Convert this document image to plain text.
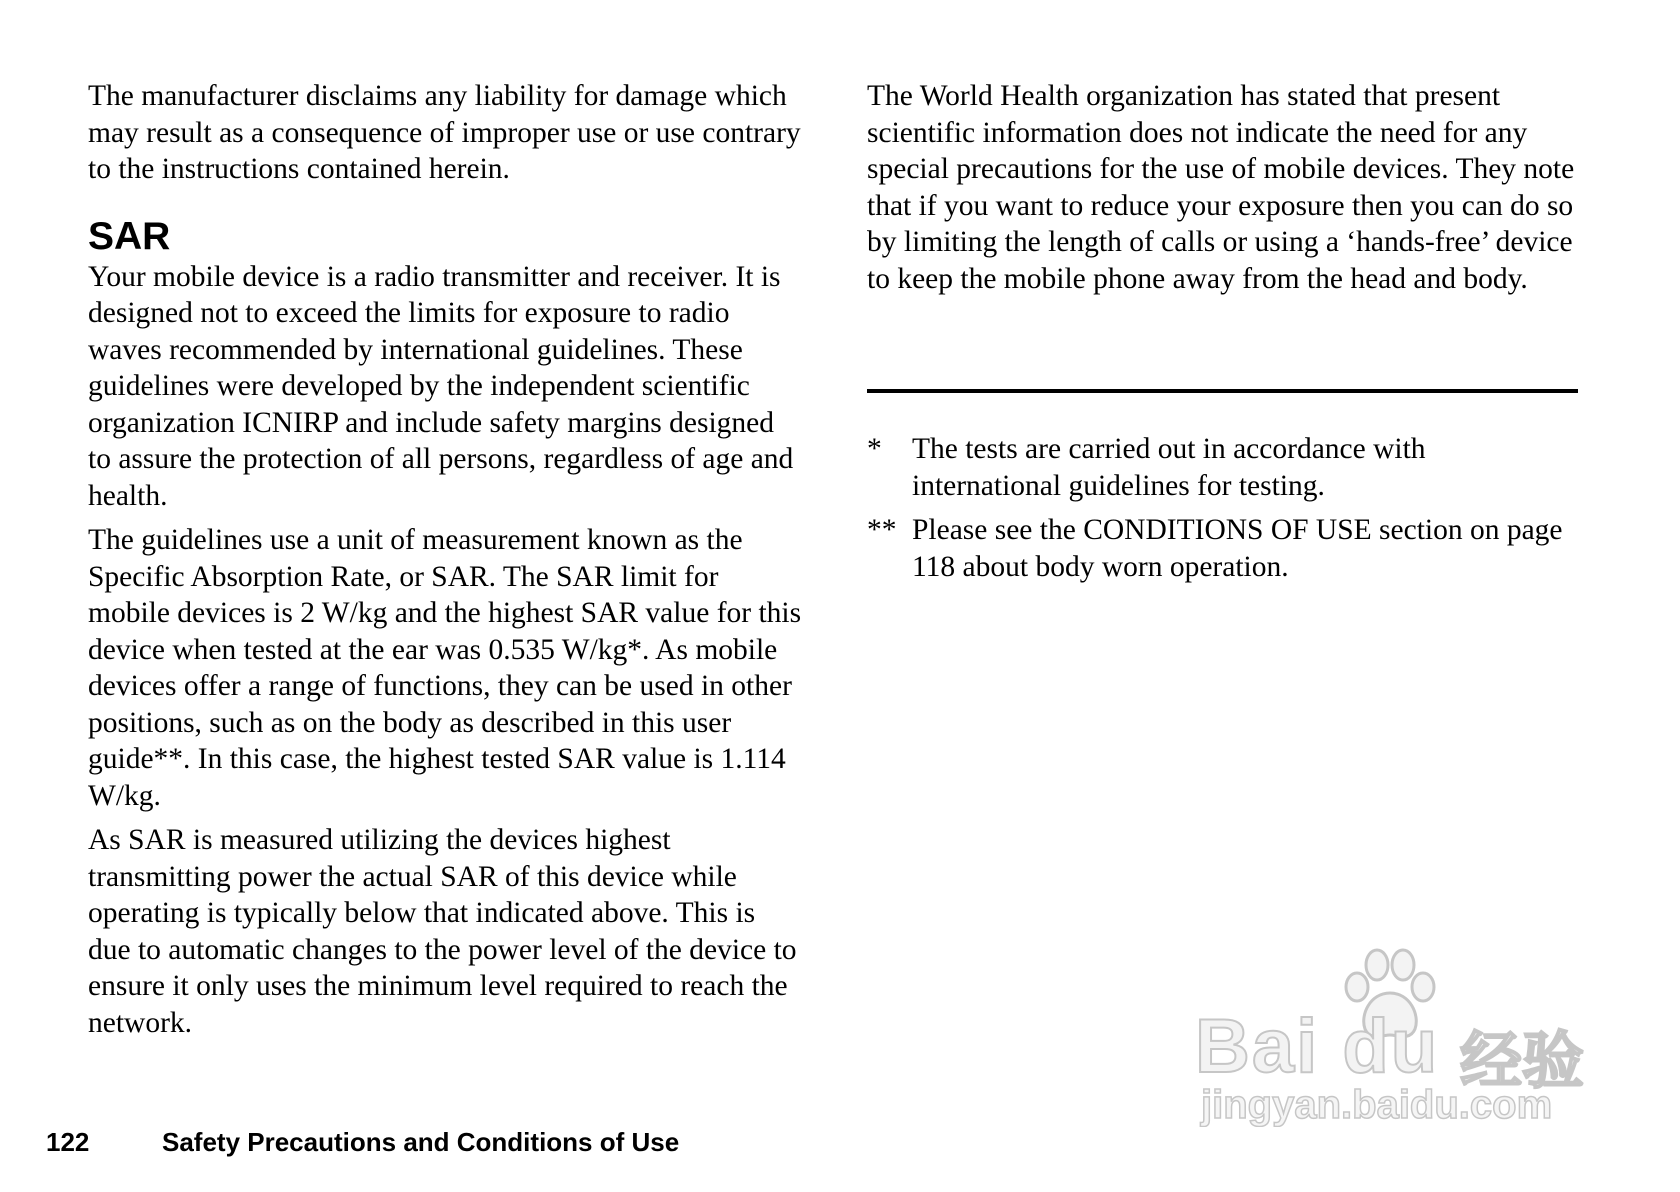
The manufacturer disclaims any liability for damage which may result as a consequence of improper use or use contrary to the instructions contained herein.

SAR

Your mobile device is a radio transmitter and receiver. It is designed not to exceed the limits for exposure to radio waves recommended by international guidelines. These guidelines were developed by the independent scientific organization ICNIRP and include safety margins designed to assure the protection of all persons, regardless of age and health.

The guidelines use a unit of measurement known as the Specific Absorption Rate, or SAR. The SAR limit for mobile devices is 2 W/kg and the highest SAR value for this device when tested at the ear was 0.535 W/kg*. As mobile devices offer a range of functions, they can be used in other positions, such as on the body as described in this user guide**. In this case, the highest tested SAR value is 1.114 W/kg.

As SAR is measured utilizing the devices highest transmitting power the actual SAR of this device while operating is typically below that indicated above. This is due to automatic changes to the power level of the device to ensure it only uses the minimum level required to reach the network.

The World Health organization has stated that present scientific information does not indicate the need for any special precautions for the use of mobile devices. They note that if you want to reduce your exposure then you can do so by limiting the length of calls or using a ‘hands-free’ device to keep the mobile phone away from the head and body.

* The tests are carried out in accordance with international guidelines for testing.
** Please see the CONDITIONS OF USE section on page 118 about body worn operation.
122	Safety Precautions and Conditions of Use
Bai du 经验
jingyan.baidu.com
